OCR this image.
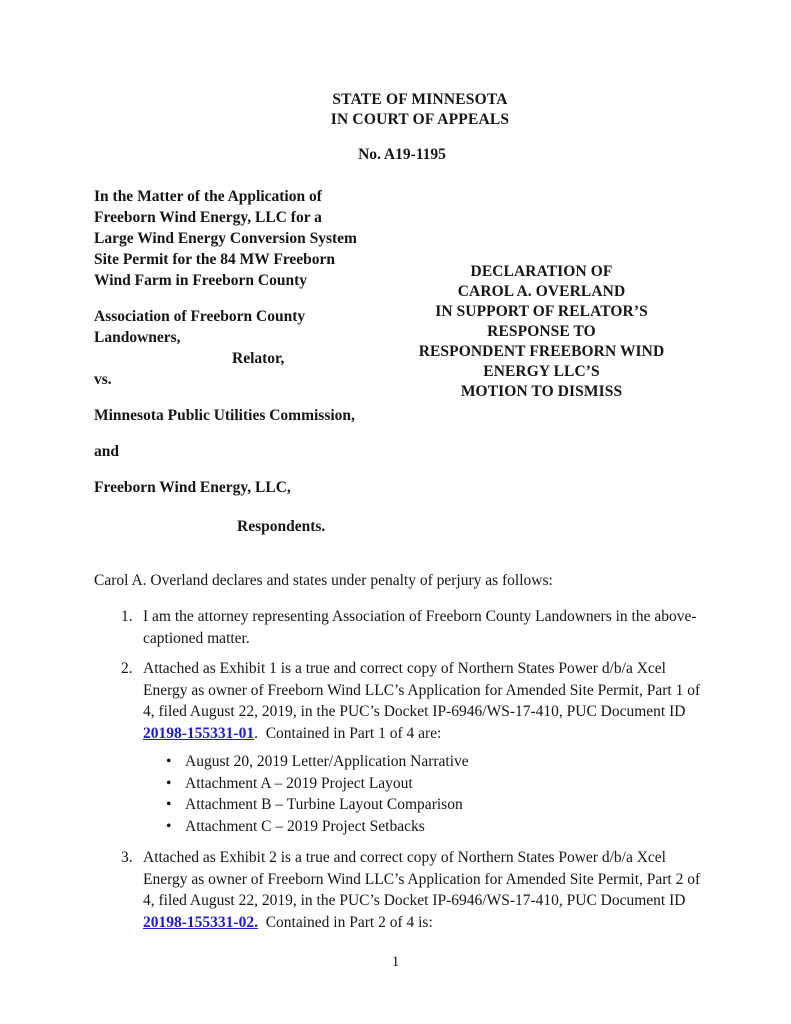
STATE OF MINNESOTA
IN COURT OF APPEALS
No. A19-1195
In the Matter of the Application of
Freeborn Wind Energy, LLC for a
Large Wind Energy Conversion System
Site Permit for the 84 MW Freeborn
Wind Farm in Freeborn County
Association of Freeborn County
Landowners,
Relator,
vs.
Minnesota Public Utilities Commission,
and
Freeborn Wind Energy, LLC,
Respondents.
DECLARATION OF
CAROL A. OVERLAND
IN SUPPORT OF RELATOR’S
RESPONSE TO
RESPONDENT FREEBORN WIND
ENERGY LLC’S
MOTION TO DISMISS

Carol A. Overland declares and states under penalty of perjury as follows:

1. I am the attorney representing Association of Freeborn County Landowners in the above-captioned matter.
2. Attached as Exhibit 1 is a true and correct copy of Northern States Power d/b/a Xcel Energy as owner of Freeborn Wind LLC’s Application for Amended Site Permit, Part 1 of 4, filed August 22, 2019, in the PUC’s Docket IP-6946/WS-17-410, PUC Document ID 20198-155331-01.  Contained in Part 1 of 4 are:
• August 20, 2019 Letter/Application Narrative
• Attachment A – 2019 Project Layout
• Attachment B – Turbine Layout Comparison
• Attachment C – 2019 Project Setbacks
3. Attached as Exhibit 2 is a true and correct copy of Northern States Power d/b/a Xcel Energy as owner of Freeborn Wind LLC’s Application for Amended Site Permit, Part 2 of 4, filed August 22, 2019, in the PUC’s Docket IP-6946/WS-17-410, PUC Document ID 20198-155331-02.  Contained in Part 2 of 4 is:
1
